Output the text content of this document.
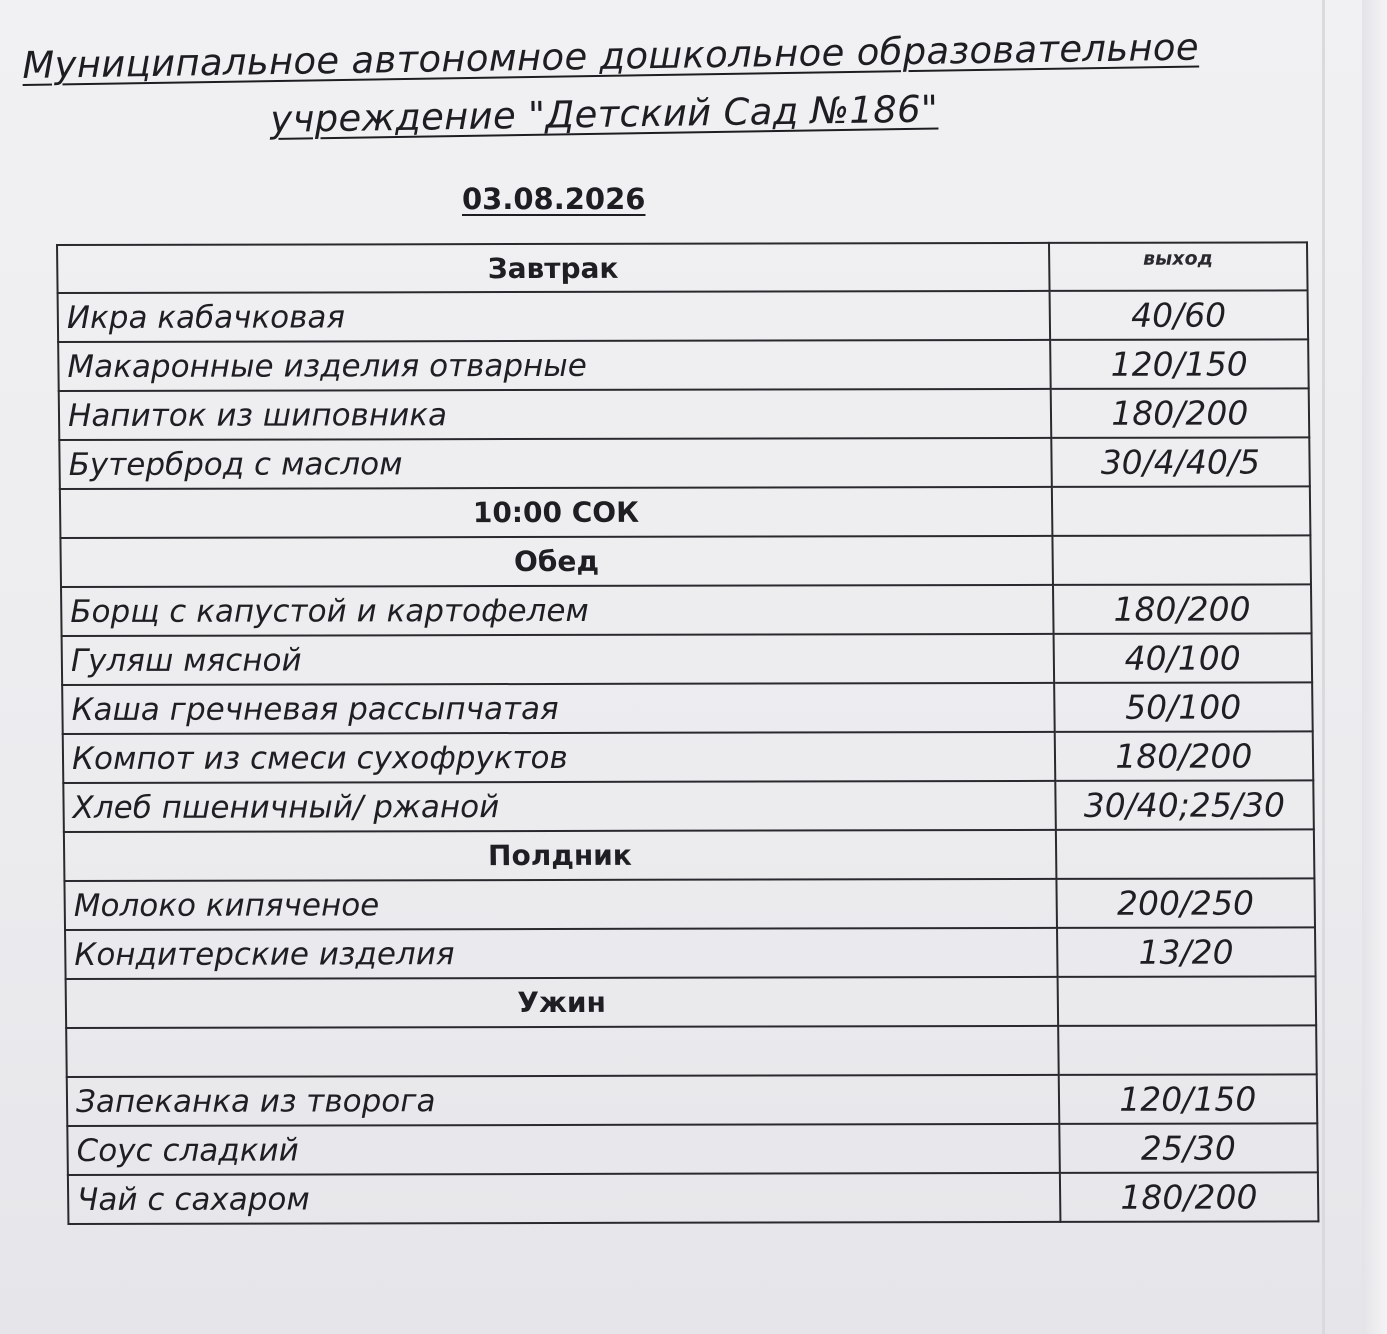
Муниципальное автономное дошкольное образовательное
учреждение "Детский Сад №186"
03.08.2026
Завтрак	выход
Икра кабачковая	40/60
Макаронные изделия отварные	120/150
Напиток из шиповника	180/200
Бутерброд с маслом	30/4/40/5
10:00 СОК	
Обед	
Борщ с капустой и картофелем	180/200
Гуляш мясной	40/100
Каша гречневая рассыпчатая	50/100
Компот из смеси сухофруктов	180/200
Хлеб пшеничный/ ржаной	30/40;25/30
Полдник	
Молоко кипяченое	200/250
Кондитерские изделия	13/20
Ужин	

Запеканка из творога	120/150
Соус сладкий	25/30
Чай с сахаром	180/200
